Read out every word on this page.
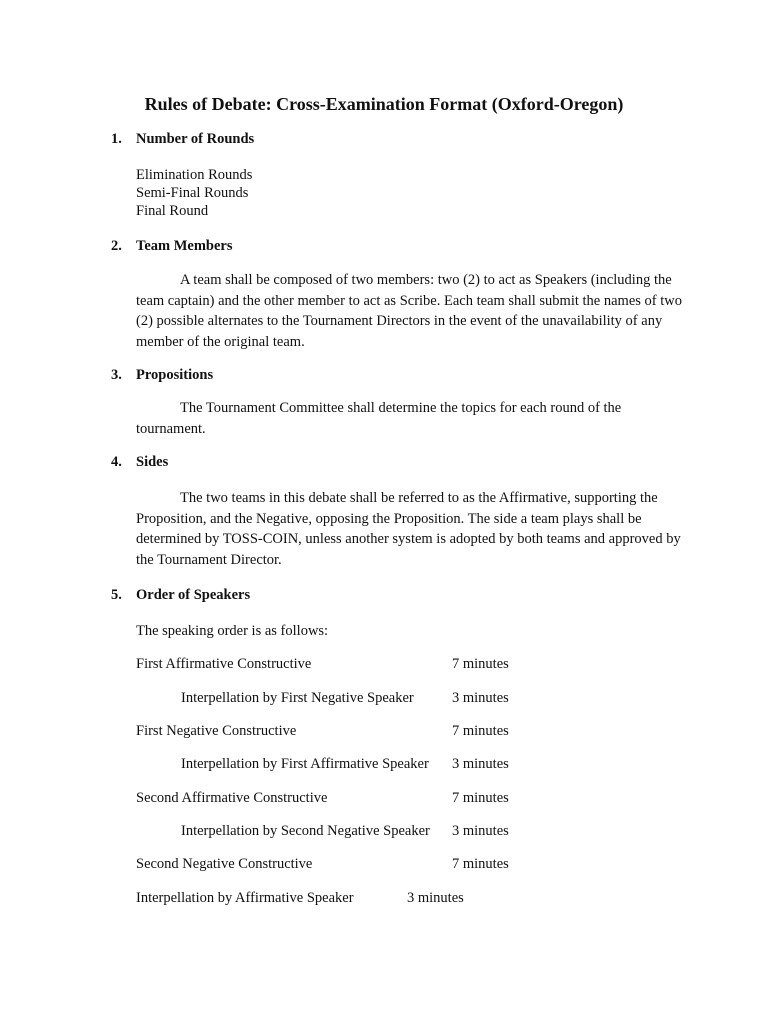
Rules of Debate: Cross-Examination Format (Oxford-Oregon)
1. Number of Rounds
Elimination Rounds
Semi-Final Rounds
Final Round
2. Team Members
A team shall be composed of two members: two (2) to act as Speakers (including the team captain) and the other member to act as Scribe. Each team shall submit the names of two (2) possible alternates to the Tournament Directors in the event of the unavailability of any member of the original team.
3. Propositions
The Tournament Committee shall determine the topics for each round of the tournament.
4. Sides
The two teams in this debate shall be referred to as the Affirmative, supporting the Proposition, and the Negative, opposing the Proposition. The side a team plays shall be determined by TOSS-COIN, unless another system is adopted by both teams and approved by the Tournament Director.
5. Order of Speakers
The speaking order is as follows:
First Affirmative Constructive	7 minutes
Interpellation by First Negative Speaker	3 minutes
First Negative Constructive	7 minutes
Interpellation by First Affirmative Speaker 3 minutes
Second Affirmative Constructive	7 minutes
Interpellation by Second Negative Speaker 3 minutes
Second Negative Constructive	7 minutes
Interpellation by Affirmative Speaker	3 minutes
